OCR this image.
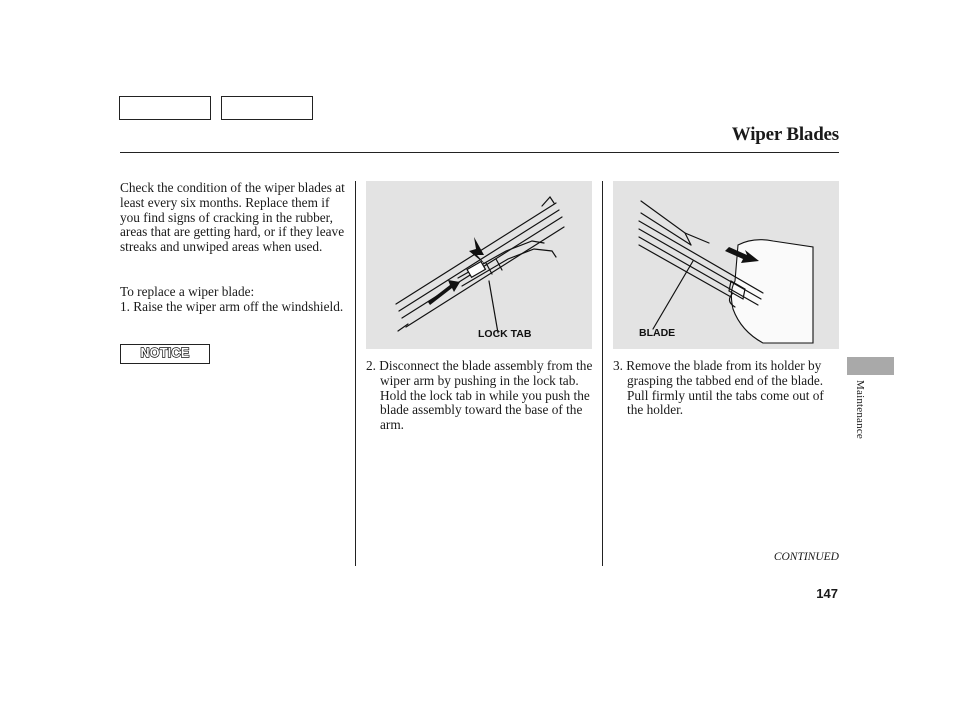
Wiper Blades

Check the condition of the wiper blades at least every six months. Replace them if you find signs of cracking in the rubber, areas that are getting hard, or if they leave streaks and unwiped areas when used.

To replace a wiper blade:

1. Raise the wiper arm off the windshield.

NOTICE

LOCK TAB

2. Disconnect the blade assembly from the wiper arm by pushing in the lock tab. Hold the lock tab in while you push the blade assembly toward the base of the arm.

BLADE

3. Remove the blade from its holder by grasping the tabbed end of the blade. Pull firmly until the tabs come out of the holder.

CONTINUED

147

Maintenance
